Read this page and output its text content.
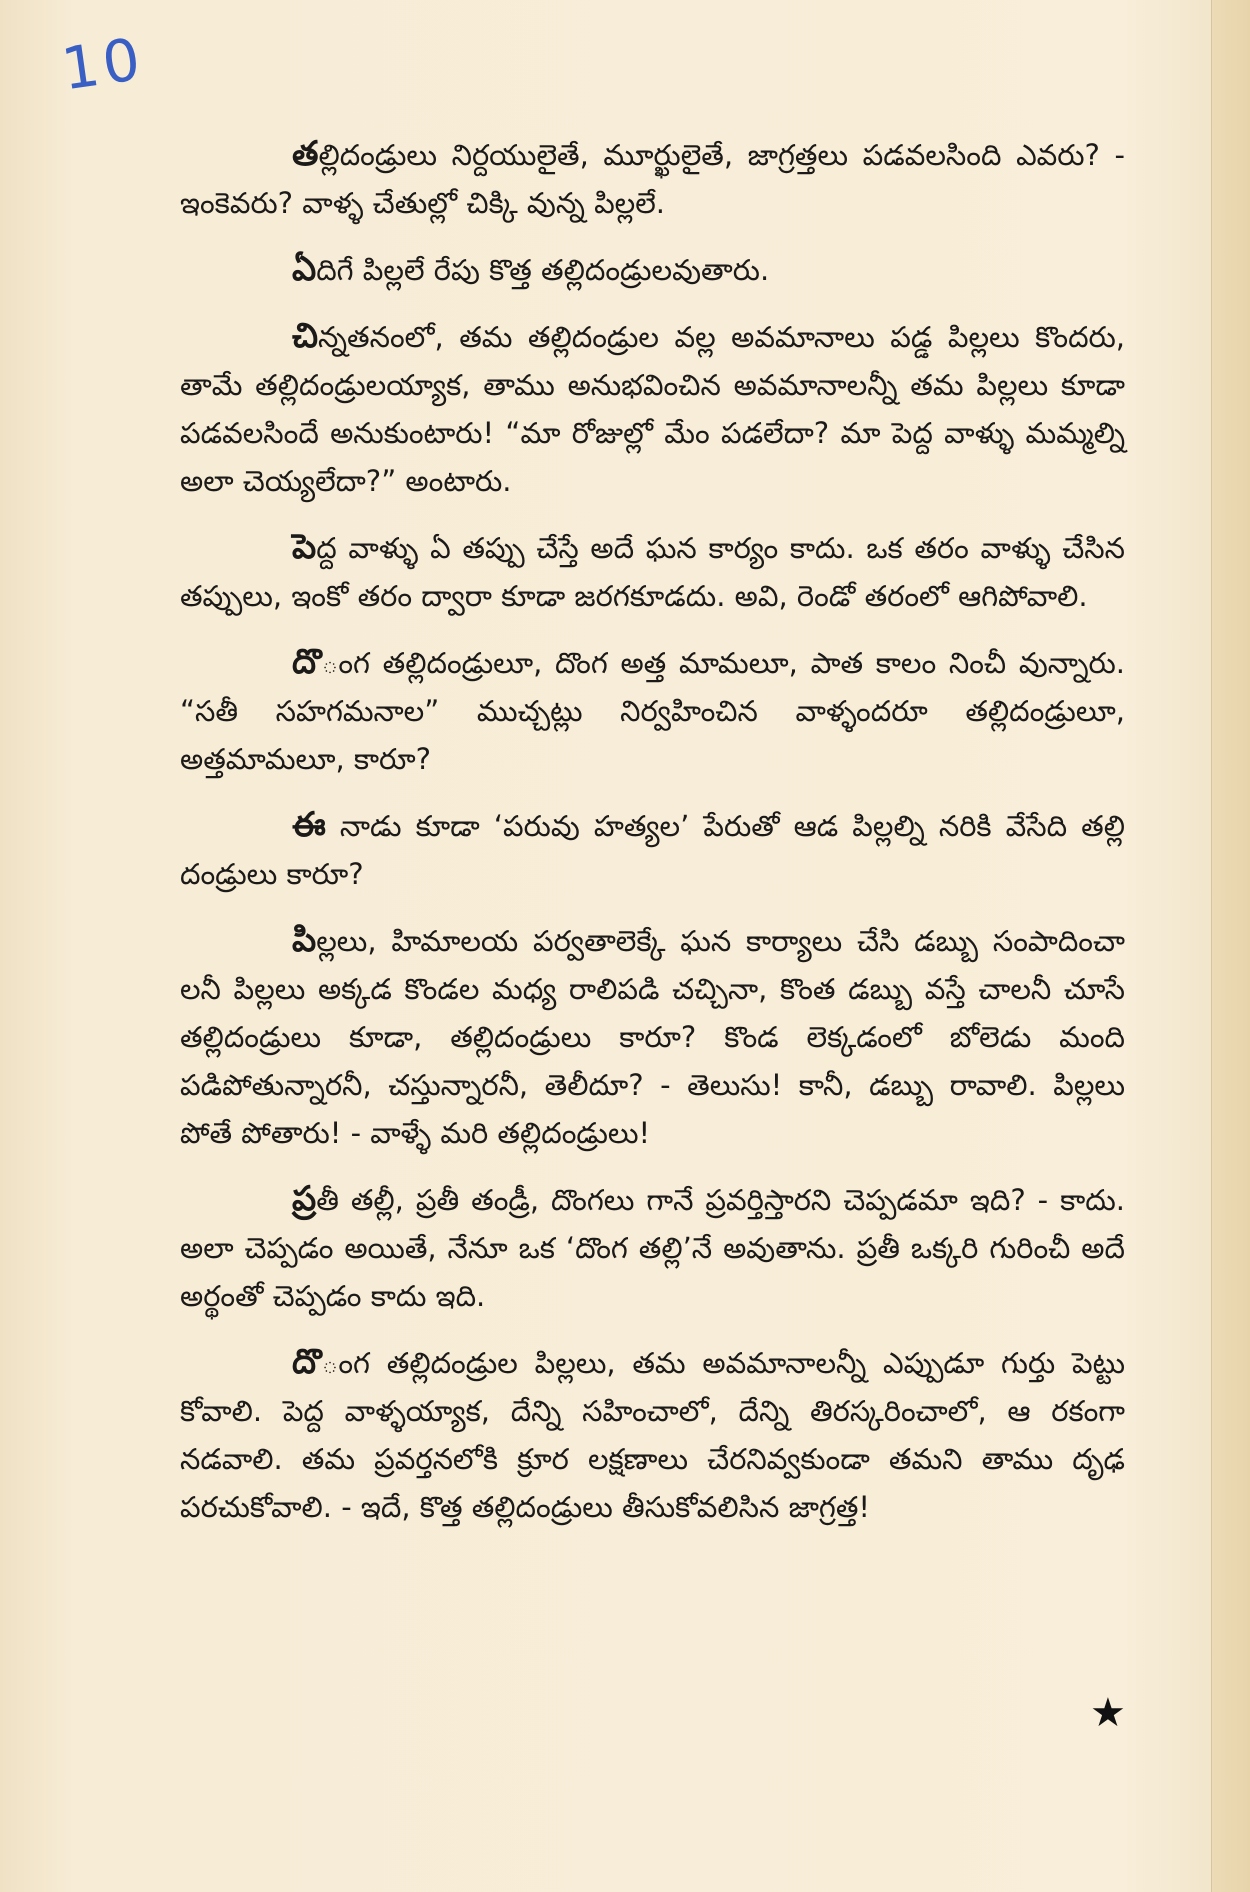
10

తల్లిదండ్రులు నిర్దయులైతే, మూర్ఖులైతే, జాగ్రత్తలు పడవలసింది ఎవరు? - ఇంకెవరు? వాళ్ళ చేతుల్లో చిక్కి వున్న పిల్లలే.

ఏదిగే పిల్లలే రేపు కొత్త తల్లిదండ్రులవుతారు.

చిన్నతనంలో, తమ తల్లిదండ్రుల వల్ల అవమానాలు పడ్డ పిల్లలు కొందరు, తామే తల్లిదండ్రులయ్యాక, తాము అనుభవించిన అవమానాలన్నీ తమ పిల్లలు కూడా పడవలసిందే అనుకుంటారు! “మా రోజుల్లో మేం పడలేదా? మా పెద్ద వాళ్ళు మమ్మల్ని అలా చెయ్యలేదా?” అంటారు.

పెద్ద వాళ్ళు ఏ తప్పు చేస్తే అదే ఘన కార్యం కాదు. ఒక తరం వాళ్ళు చేసిన తప్పులు, ఇంకో తరం ద్వారా కూడా జరగకూడదు. అవి, రెండో తరంలో ఆగిపోవాలి.

దొంగ తల్లిదండ్రులూ, దొంగ అత్త మామలూ, పాత కాలం నించీ వున్నారు. “సతీ సహగమనాల” ముచ్చట్లు నిర్వహించిన వాళ్ళందరూ తల్లిదండ్రులూ, అత్తమామలూ, కారూ?

ఈ నాడు కూడా ‘పరువు హత్యల’ పేరుతో ఆడ పిల్లల్ని నరికి వేసేది తల్లి దండ్రులు కారూ?

పిల్లలు, హిమాలయ పర్వతాలెక్కే ఘన కార్యాలు చేసి డబ్బు సంపాదించా లనీ పిల్లలు అక్కడ కొండల మధ్య రాలిపడి చచ్చినా, కొంత డబ్బు వస్తే చాలనీ చూసే తల్లిదండ్రులు కూడా, తల్లిదండ్రులు కారూ? కొండ లెక్కడంలో బోలెడు మంది పడిపోతున్నారనీ, చస్తున్నారనీ, తెలీదూ? - తెలుసు! కానీ, డబ్బు రావాలి. పిల్లలు పోతే పోతారు! - వాళ్ళే మరి తల్లిదండ్రులు!

ప్రతీ తల్లీ, ప్రతీ తండ్రీ, దొంగలు గానే ప్రవర్తిస్తారని చెప్పడమా ఇది? - కాదు. అలా చెప్పడం అయితే, నేనూ ఒక ‘దొంగ తల్లి’నే అవుతాను. ప్రతీ ఒక్కరి గురించీ అదే అర్థంతో చెప్పడం కాదు ఇది.

దొంగ తల్లిదండ్రుల పిల్లలు, తమ అవమానాలన్నీ ఎప్పుడూ గుర్తు పెట్టు కోవాలి. పెద్ద వాళ్ళయ్యాక, దేన్ని సహించాలో, దేన్ని తిరస్కరించాలో, ఆ రకంగా నడవాలి. తమ ప్రవర్తనలోకి క్రూర లక్షణాలు చేరనివ్వకుండా తమని తాము దృఢ పరచుకోవాలి. - ఇదే, కొత్త తల్లిదండ్రులు తీసుకోవలిసిన జాగ్రత్త!

★
